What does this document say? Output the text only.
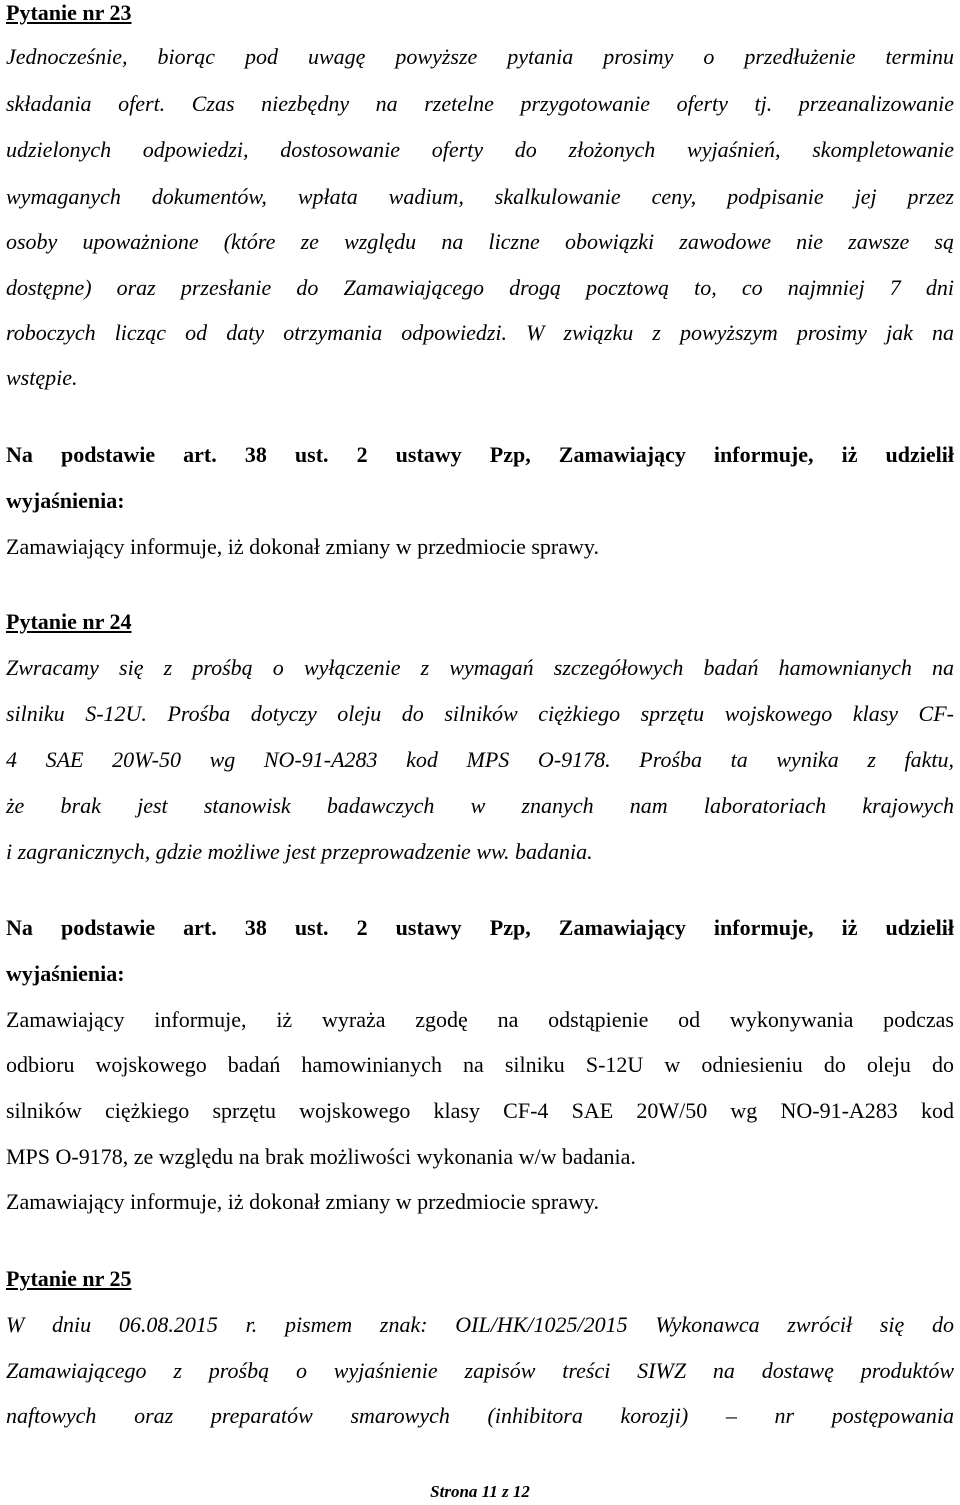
Pytanie nr 23
Jednocześnie, biorąc pod uwagę powyższe pytania prosimy o przedłużenie terminu
składania ofert. Czas niezbędny na rzetelne przygotowanie oferty tj. przeanalizowanie
udzielonych odpowiedzi, dostosowanie oferty do złożonych wyjaśnień, skompletowanie
wymaganych dokumentów, wpłata wadium, skalkulowanie ceny, podpisanie jej przez
osoby upoważnione (które ze względu na liczne obowiązki zawodowe nie zawsze są
dostępne) oraz przesłanie do Zamawiającego drogą pocztową to, co najmniej 7 dni
roboczych licząc od daty otrzymania odpowiedzi. W związku z powyższym prosimy jak na
wstępie.
Na podstawie art. 38 ust. 2 ustawy Pzp, Zamawiający informuje, iż udzielił
wyjaśnienia:
Zamawiający informuje, iż dokonał zmiany w przedmiocie sprawy.
Pytanie nr 24
Zwracamy się z prośbą o wyłączenie z wymagań szczegółowych badań hamownianych na
silniku S-12U. Prośba dotyczy oleju do silników ciężkiego sprzętu wojskowego klasy CF-
4 SAE 20W-50 wg NO-91-A283 kod MPS O-9178. Prośba ta wynika z faktu,
że brak jest stanowisk badawczych w znanych nam laboratoriach krajowych
i zagranicznych, gdzie możliwe jest przeprowadzenie ww. badania.
Na podstawie art. 38 ust. 2 ustawy Pzp, Zamawiający informuje, iż udzielił
wyjaśnienia:
Zamawiający informuje, iż wyraża zgodę na odstąpienie od wykonywania podczas
odbioru wojskowego badań hamowinianych na silniku S-12U w odniesieniu do oleju do
silników ciężkiego sprzętu wojskowego klasy CF-4 SAE 20W/50 wg NO-91-A283 kod
MPS O-9178, ze względu na brak możliwości wykonania w/w badania.
Zamawiający informuje, iż dokonał zmiany w przedmiocie sprawy.
Pytanie nr 25
W dniu 06.08.2015 r. pismem znak: OIL/HK/1025/2015 Wykonawca zwrócił się do
Zamawiającego z prośbą o wyjaśnienie zapisów treści SIWZ na dostawę produktów
naftowych oraz preparatów smarowych (inhibitora korozji) – nr postępowania
Strona 11 z 12
